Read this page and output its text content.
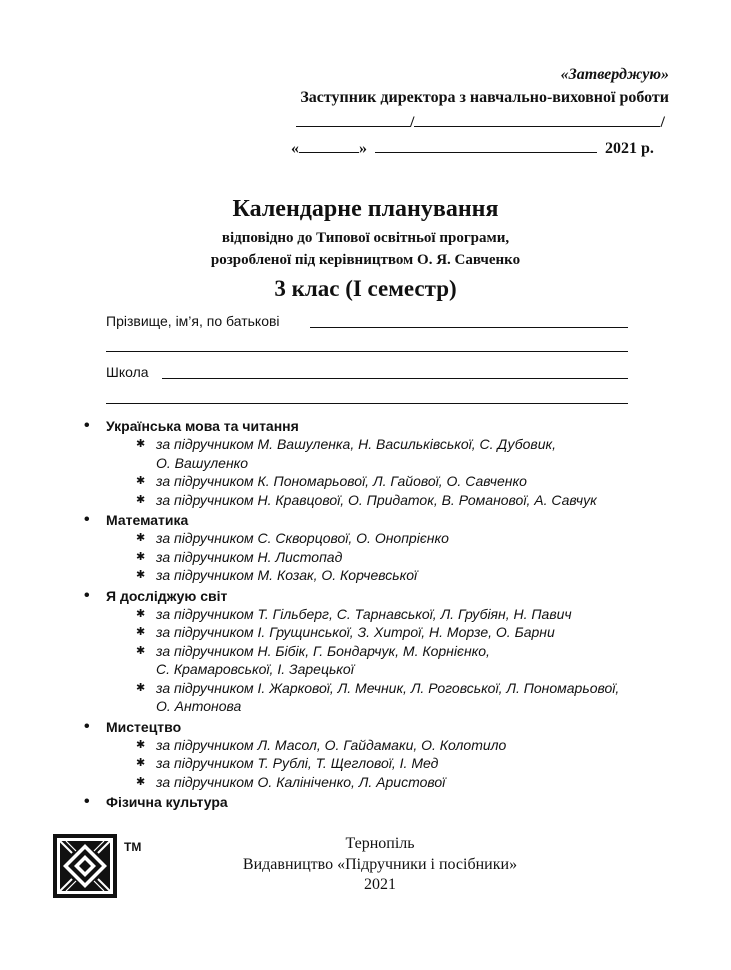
«Затверджую»
Заступник директора з навчально-виховної роботи
/	/
«	»	2021 р.
Календарне планування
відповідно до Типової освітньої програми,
розробленої під керівництвом О. Я. Савченко
3 клас (І семестр)
Прізвище, ім’я, по батькові
Школа
• Українська мова та читання
✱ за підручником М. Вашуленка, Н. Васильківської, С. Дубовик,
О. Вашуленко
✱ за підручником К. Пономарьової, Л. Гайової, О. Савченко
✱ за підручником Н. Кравцової, О. Придаток, В. Романової, А. Савчук
• Математика
✱ за підручником С. Скворцової, О. Онопрієнко
✱ за підручником Н. Листопад
✱ за підручником М. Козак, О. Корчевської
• Я досліджую світ
✱ за підручником Т. Гільберг, С. Тарнавської, Л. Грубіян, Н. Павич
✱ за підручником І. Грущинської, З. Хитрої, Н. Морзе, О. Барни
✱ за підручником Н. Бібік, Г. Бондарчук, М. Корнієнко,
С. Крамаровської, І. Зарецької
✱ за підручником І. Жаркової, Л. Мечник, Л. Роговської, Л. Пономарьової,
О. Антонова
• Мистецтво
✱ за підручником Л. Масол, О. Гайдамаки, О. Колотило
✱ за підручником Т. Рублі, Т. Щеглової, І. Мед
✱ за підручником О. Калініченко, Л. Аристової
• Фізична культура
ТМ	Тернопіль
Видавництво «Підручники і посібники»
2021
